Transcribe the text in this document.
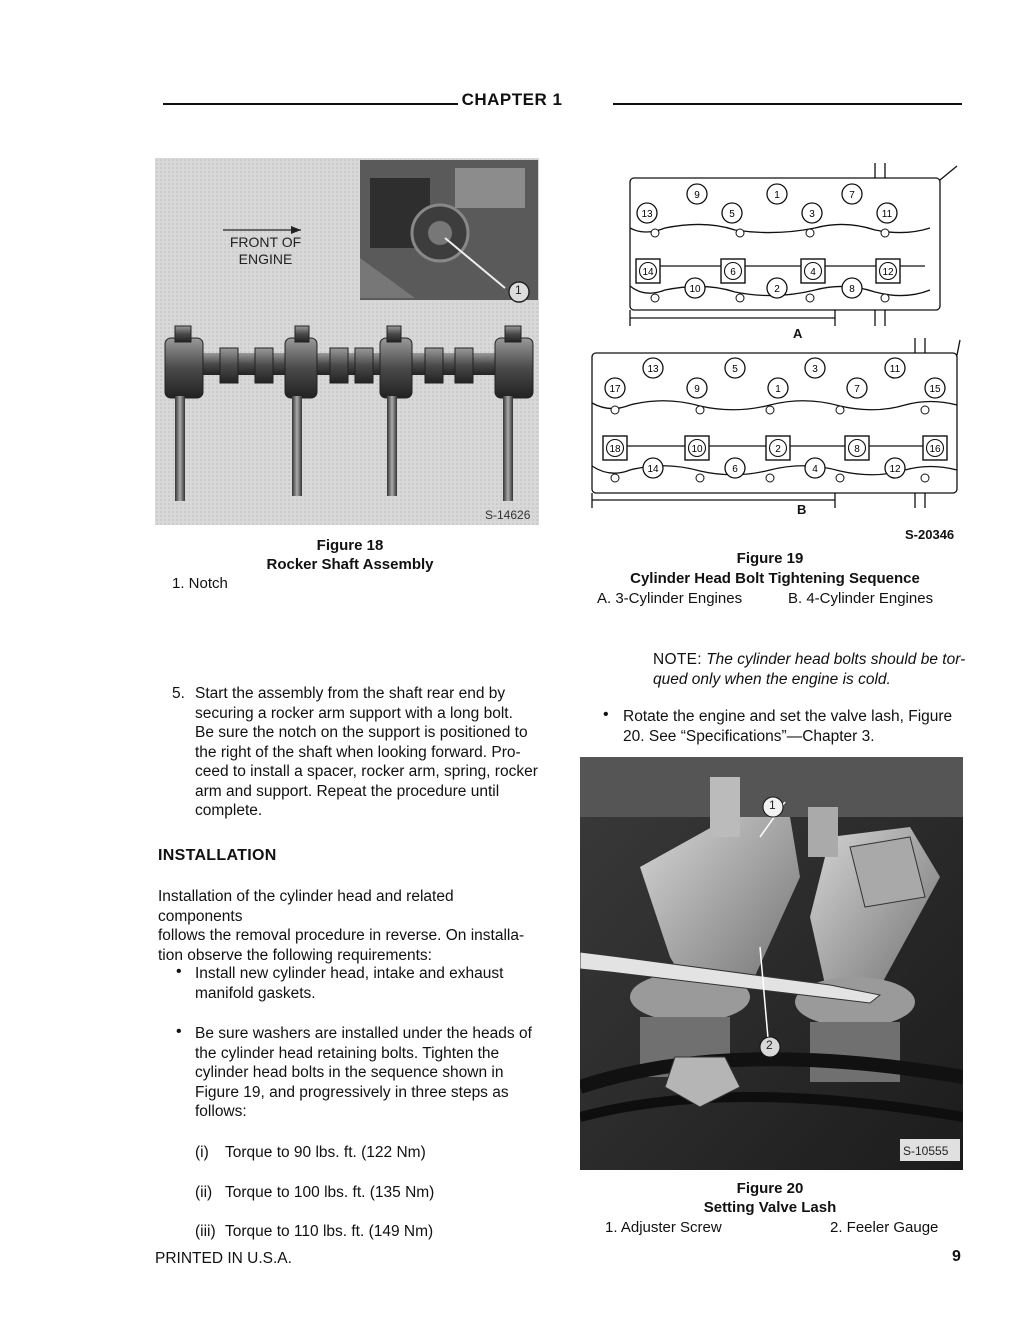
CHAPTER 1
FRONT OF
ENGINE
1
S-14626
Figure 18
Rocker Shaft Assembly
1. Notch
9	1	7
13	5	3	11
14	6	4	12
10	2	8
13	5	3	11
17	9	1	7	15
18	10	2	8	16
14	6	4	12
A
B
S-20346
Figure 19
Cylinder Head Bolt Tightening Sequence
A. 3-Cylinder Engines	B. 4-Cylinder Engines
5. Start the assembly from the shaft rear end by
securing a rocker arm support with a long bolt.
Be sure the notch on the support is positioned to
the right of the shaft when looking forward. Pro-
ceed to install a spacer, rocker arm, spring, rocker
arm and support. Repeat the procedure until
complete.
INSTALLATION
Installation of the cylinder head and related components
follows the removal procedure in reverse. On installa-
tion observe the following requirements:
• Install new cylinder head, intake and exhaust
manifold gaskets.
• Be sure washers are installed under the heads of
the cylinder head retaining bolts. Tighten the
cylinder head bolts in the sequence shown in
Figure 19, and progressively in three steps as
follows:
(i) Torque to 90 lbs. ft. (122 Nm)
(ii) Torque to 100 lbs. ft. (135 Nm)
(iii) Torque to 110 lbs. ft. (149 Nm)
NOTE: The cylinder head bolts should be tor-
qued only when the engine is cold.
• Rotate the engine and set the valve lash, Figure
20. See “Specifications”—Chapter 3.
1
2
S-10555
Figure 20
Setting Valve Lash
1. Adjuster Screw	2. Feeler Gauge
PRINTED IN U.S.A.	9
